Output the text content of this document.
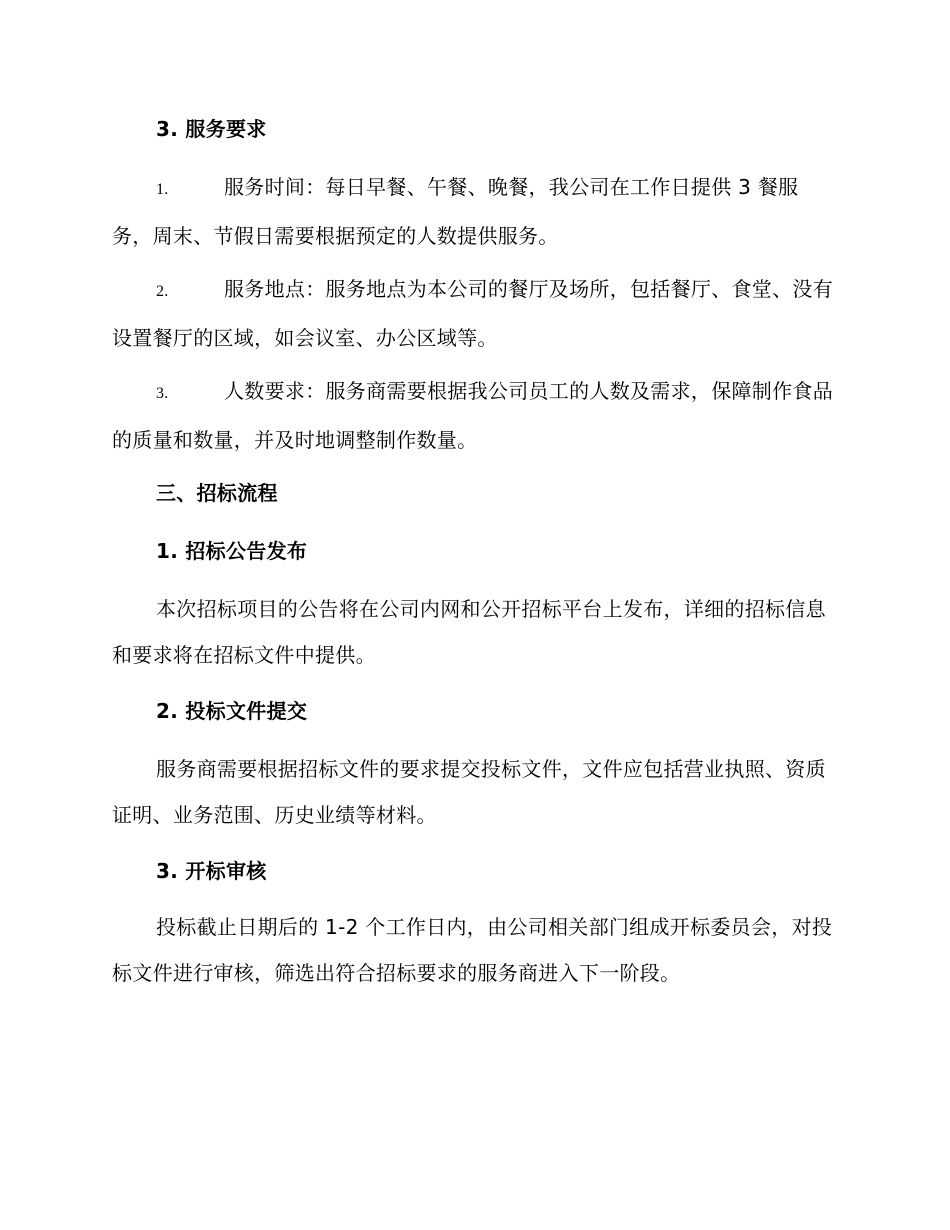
3. 服务要求
1.	服务时间：每日早餐、午餐、晚餐，我公司在工作日提供 3 餐服务，周末、节假日需要根据预定的人数提供服务。
2.	服务地点：服务地点为本公司的餐厅及场所，包括餐厅、食堂、没有设置餐厅的区域，如会议室、办公区域等。
3.	人数要求：服务商需要根据我公司员工的人数及需求，保障制作食品的质量和数量，并及时地调整制作数量。
三、招标流程
1. 招标公告发布
本次招标项目的公告将在公司内网和公开招标平台上发布，详细的招标信息和要求将在招标文件中提供。
2. 投标文件提交
服务商需要根据招标文件的要求提交投标文件，文件应包括营业执照、资质证明、业务范围、历史业绩等材料。
3. 开标审核
投标截止日期后的 1-2 个工作日内，由公司相关部门组成开标委员会，对投标文件进行审核，筛选出符合招标要求的服务商进入下一阶段。
